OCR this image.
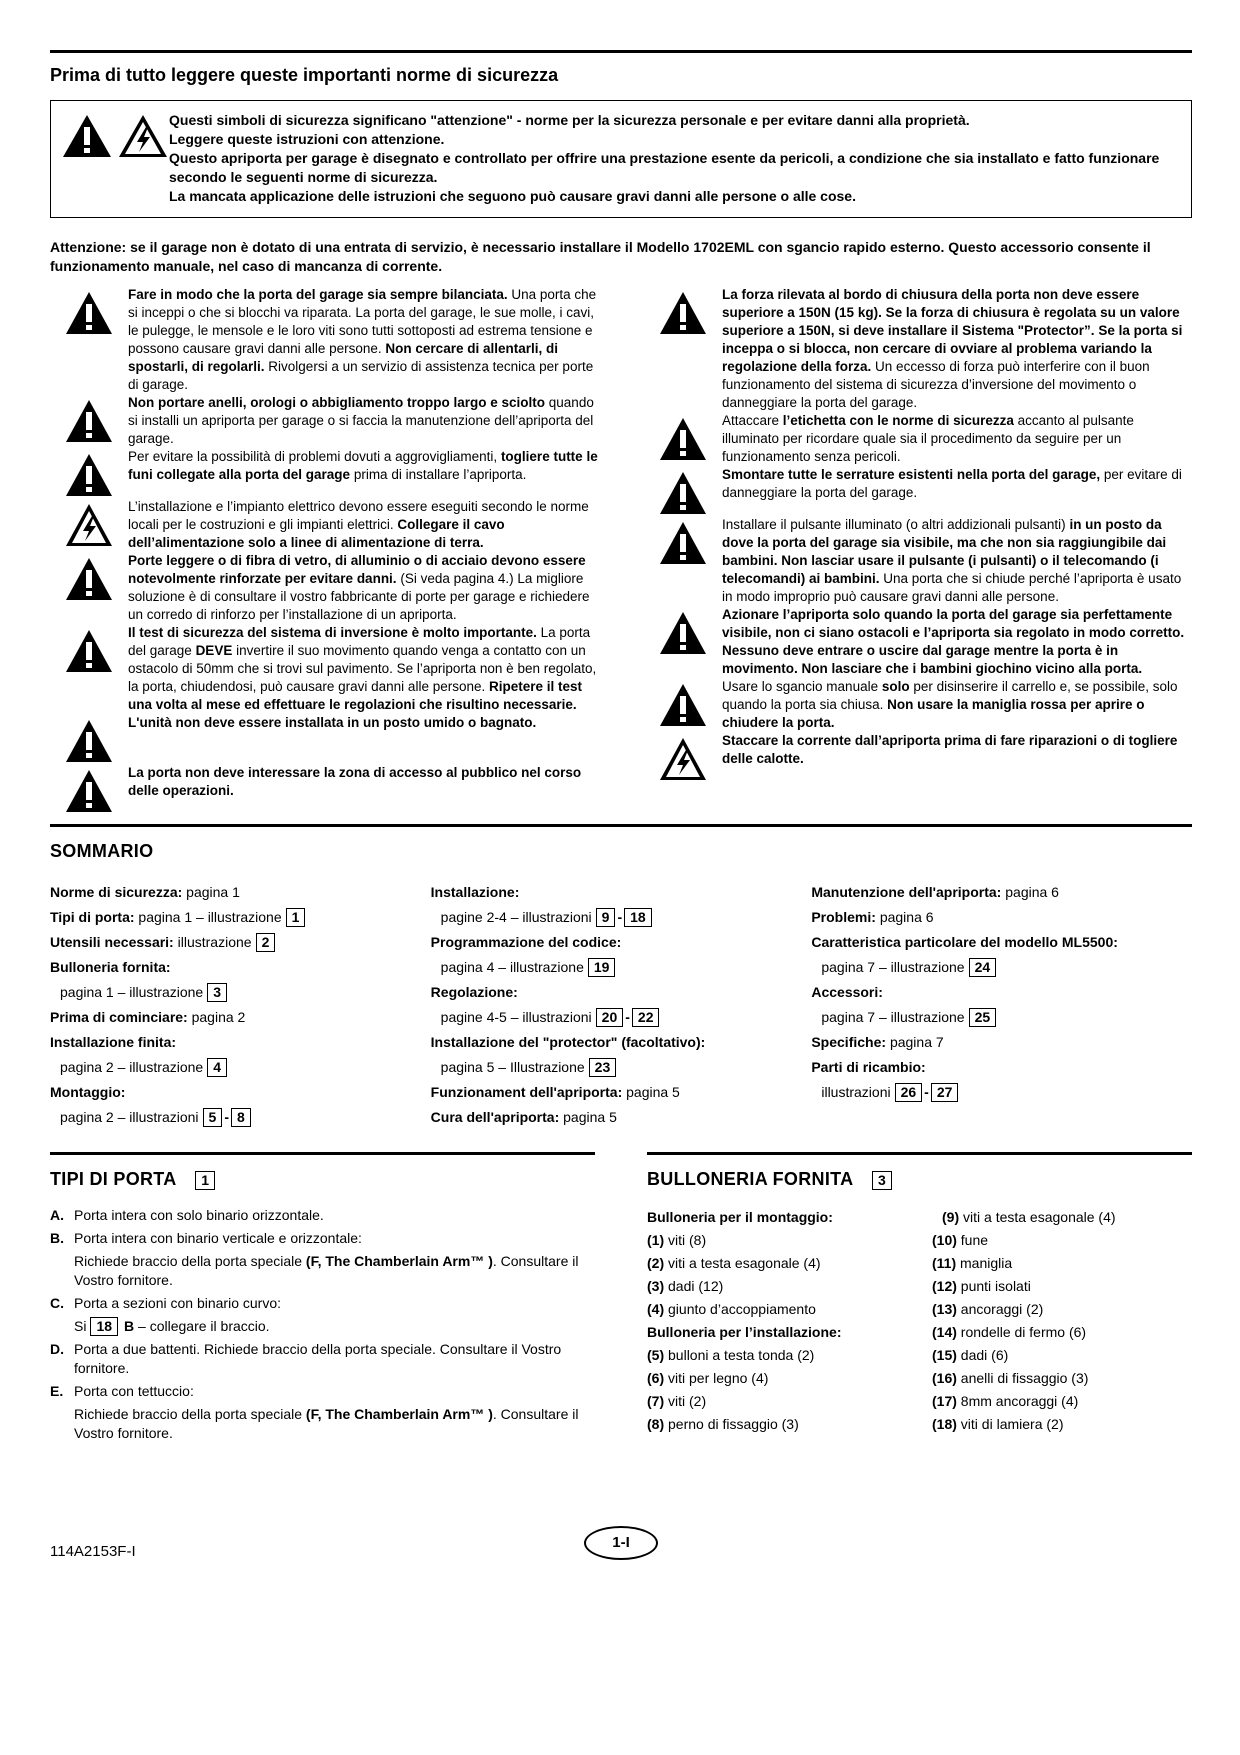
Prima di tutto leggere queste importanti norme di sicurezza
Questi simboli di sicurezza significano "attenzione" - norme per la sicurezza personale e per evitare danni alla proprietà.
Leggere queste istruzioni con attenzione.
Questo apriporta per garage è disegnato e controllato per offrire una prestazione esente da pericoli, a condizione che sia installato e fatto funzionare secondo le seguenti norme di sicurezza.
La mancata applicazione delle istruzioni che seguono può causare gravi danni alle persone o alle cose.
Attenzione: se il garage non è dotato di una entrata di servizio, è necessario installare il Modello 1702EML con sgancio rapido esterno. Questo accessorio consente il funzionamento manuale, nel caso di mancanza di corrente.
Fare in modo che la porta del garage sia sempre bilanciata. Una porta che si inceppi o che si blocchi va riparata. La porta del garage, le sue molle, i cavi, le pulegge, le mensole e le loro viti sono tutti sottoposti ad estrema tensione e possono causare gravi danni alle persone. Non cercare di allentarli, di spostarli, di regolarli. Rivolgersi a un servizio di assistenza tecnica per porte di garage.
Non portare anelli, orologi o abbigliamento troppo largo e sciolto quando si installi un apriporta per garage o si faccia la manutenzione dell’apriporta del garage.
Per evitare la possibilità di problemi dovuti a aggrovigliamenti, togliere tutte le funi collegate alla porta del garage prima di installare l’apriporta.
L’installazione e l’impianto elettrico devono essere eseguiti secondo le norme locali per le costruzioni e gli impianti elettrici. Collegare il cavo dell’alimentazione solo a linee di alimentazione di terra.
Porte leggere o di fibra di vetro, di alluminio o di acciaio devono essere notevolmente rinforzate per evitare danni. (Si veda pagina 4.) La migliore soluzione è di consultare il vostro fabbricante di porte per garage e richiedere un corredo di rinforzo per l’installazione di un apriporta.
Il test di sicurezza del sistema di inversione è molto importante. La porta del garage DEVE invertire il suo movimento quando venga a contatto con un ostacolo di 50mm che si trovi sul pavimento. Se l’apriporta non è ben regolato, la porta, chiudendosi, può causare gravi danni alle persone. Ripetere il test una volta al mese ed effettuare le regolazioni che risultino necessarie.
L'unità non deve essere installata in un posto umido o bagnato.
La porta non deve interessare la zona di accesso al pubblico nel corso delle operazioni.
La forza rilevata al bordo di chiusura della porta non deve essere superiore a 150N (15 kg). Se la forza di chiusura è regolata su un valore superiore a 150N, si deve installare il Sistema "Protector”. Se la porta si inceppa o si blocca, non cercare di ovviare al problema variando la regolazione della forza. Un eccesso di forza può interferire con il buon funzionamento del sistema di sicurezza d’inversione del movimento o danneggiare la porta del garage.
Attaccare l’etichetta con le norme di sicurezza accanto al pulsante illuminato per ricordare quale sia il procedimento da seguire per un funzionamento senza pericoli.
Smontare tutte le serrature esistenti nella porta del garage, per evitare di danneggiare la porta del garage.
Installare il pulsante illuminato (o altri addizionali pulsanti) in un posto da dove la porta del garage sia visibile, ma che non sia raggiungibile dai bambini. Non lasciar usare il pulsante (i pulsanti) o il telecomando (i telecomandi) ai bambini. Una porta che si chiude perché l’apriporta è usato in modo improprio può causare gravi danni alle persone.
Azionare l’apriporta solo quando la porta del garage sia perfettamente visibile, non ci siano ostacoli e l’apriporta sia regolato in modo corretto. Nessuno deve entrare o uscire dal garage mentre la porta è in movimento. Non lasciare che i bambini giochino vicino alla porta.
Usare lo sgancio manuale solo per disinserire il carrello e, se possibile, solo quando la porta sia chiusa. Non usare la maniglia rossa per aprire o chiudere la porta.
Staccare la corrente dall’apriporta prima di fare riparazioni o di togliere delle calotte.
SOMMARIO
Norme di sicurezza: pagina 1
Tipi di porta: pagina 1 – illustrazione 1
Utensili necessari: illustrazione 2
Bulloneria fornita:
pagina 1 – illustrazione 3
Prima di cominciare: pagina 2
Installazione finita:
pagina 2 – illustrazione 4
Montaggio:
pagina 2 – illustrazioni 5 - 8
Installazione:
pagine 2-4 – illustrazioni 9 - 18
Programmazione del codice:
pagina 4 – illustrazione 19
Regolazione:
pagine 4-5 – illustrazioni 20 - 22
Installazione del "protector" (facoltativo):
pagina 5 – Illustrazione 23
Funzionament dell'apriporta: pagina 5
Cura dell'apriporta: pagina 5
Manutenzione dell'apriporta: pagina 6
Problemi: pagina 6
Caratteristica particolare del modello ML5500:
pagina 7 – illustrazione 24
Accessori:
pagina 7 – illustrazione 25
Specifiche: pagina 7
Parti di ricambio:
illustrazioni 26 - 27
TIPI DI PORTA 1
A. Porta intera con solo binario orizzontale.
B. Porta intera con binario verticale e orizzontale:
Richiede braccio della porta speciale (F, The Chamberlain Arm™ ). Consultare il Vostro fornitore.
C. Porta a sezioni con binario curvo:
Si 18 B – collegare il braccio.
D. Porta a due battenti. Richiede braccio della porta speciale. Consultare il Vostro fornitore.
E. Porta con tettuccio:
Richiede braccio della porta speciale (F, The Chamberlain Arm™ ). Consultare il Vostro fornitore.
BULLONERIA FORNITA 3
Bulloneria per il montaggio:
(1) viti (8)
(2) viti a testa esagonale (4)
(3) dadi (12)
(4) giunto d’accoppiamento
Bulloneria per l’installazione:
(5) bulloni a testa tonda (2)
(6) viti per legno (4)
(7) viti (2)
(8) perno di fissaggio (3)
(9) viti a testa esagonale (4)
(10) fune
(11) maniglia
(12) punti isolati
(13) ancoraggi (2)
(14) rondelle di fermo (6)
(15) dadi (6)
(16) anelli di fissaggio (3)
(17) 8mm ancoraggi (4)
(18) viti di lamiera (2)
114A2153F-I
1-I
